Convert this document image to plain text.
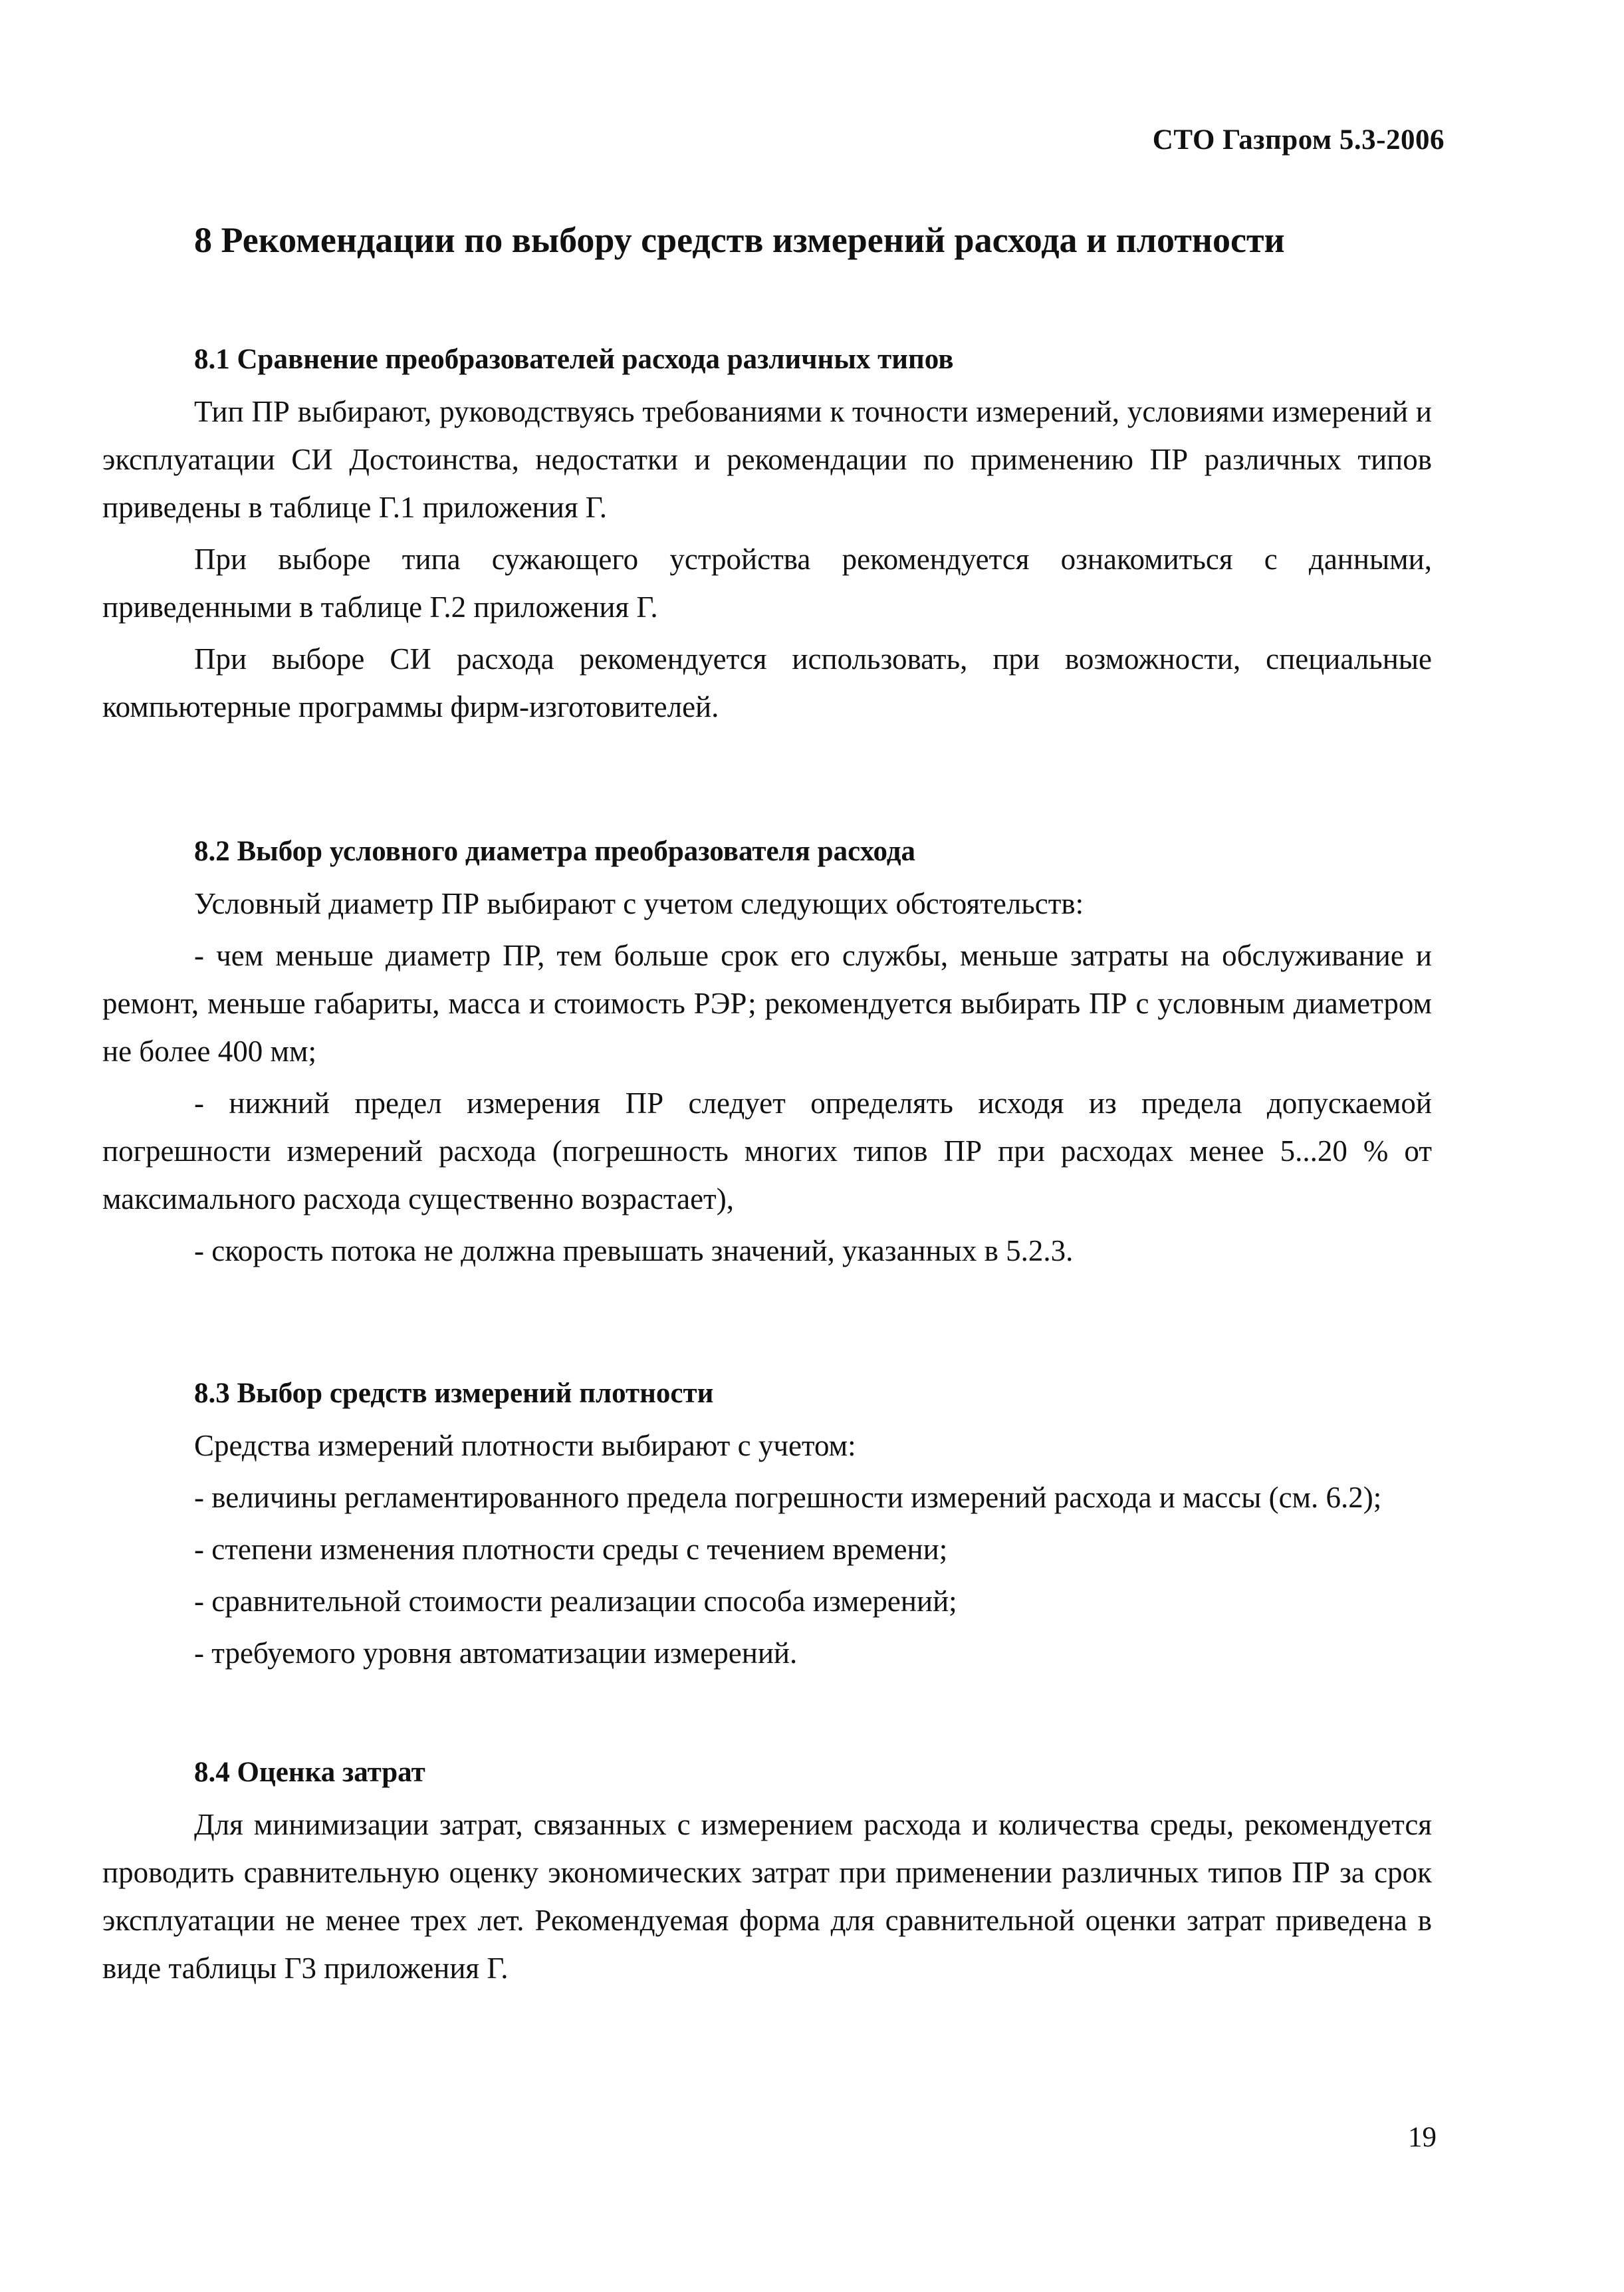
СТО Газпром 5.3-2006
8 Рекомендации по выбору средств измерений расхода и плотности
8.1 Сравнение преобразователей расхода различных типов

Тип ПР выбирают, руководствуясь требованиями к точности измерений, условиями измерений и эксплуатации СИ Достоинства, недостатки и рекомендации по применению ПР различных типов приведены в таблице Г.1 приложения Г.

При выборе типа сужающего устройства рекомендуется ознакомиться с данными, приведенными в таблице Г.2 приложения Г.

При выборе СИ расхода рекомендуется использовать, при возможности, специальные компьютерные программы фирм-изготовителей.

8.2 Выбор условного диаметра преобразователя расхода

Условный диаметр ПР выбирают с учетом следующих обстоятельств:

- чем меньше диаметр ПР, тем больше срок его службы, меньше затраты на обслуживание и ремонт, меньше габариты, масса и стоимость РЭР; рекомендуется выбирать ПР с условным диаметром не более 400 мм;

- нижний предел измерения ПР следует определять исходя из предела допускаемой погрешности измерений расхода (погрешность многих типов ПР при расходах менее 5...20 % от максимального расхода существенно возрастает),

- скорость потока не должна превышать значений, указанных в 5.2.3.

8.3 Выбор средств измерений плотности

Средства измерений плотности выбирают с учетом:

- величины регламентированного предела погрешности измерений расхода и массы (см. 6.2);

- степени изменения плотности среды с течением времени;

- сравнительной стоимости реализации способа измерений;

- требуемого уровня автоматизации измерений.

8.4 Оценка затрат

Для минимизации затрат, связанных с измерением расхода и количества среды, рекомендуется проводить сравнительную оценку экономических затрат при применении различных типов ПР за срок эксплуатации не менее трех лет. Рекомендуемая форма для сравнительной оценки затрат приведена в виде таблицы Г3 приложения Г.

19
